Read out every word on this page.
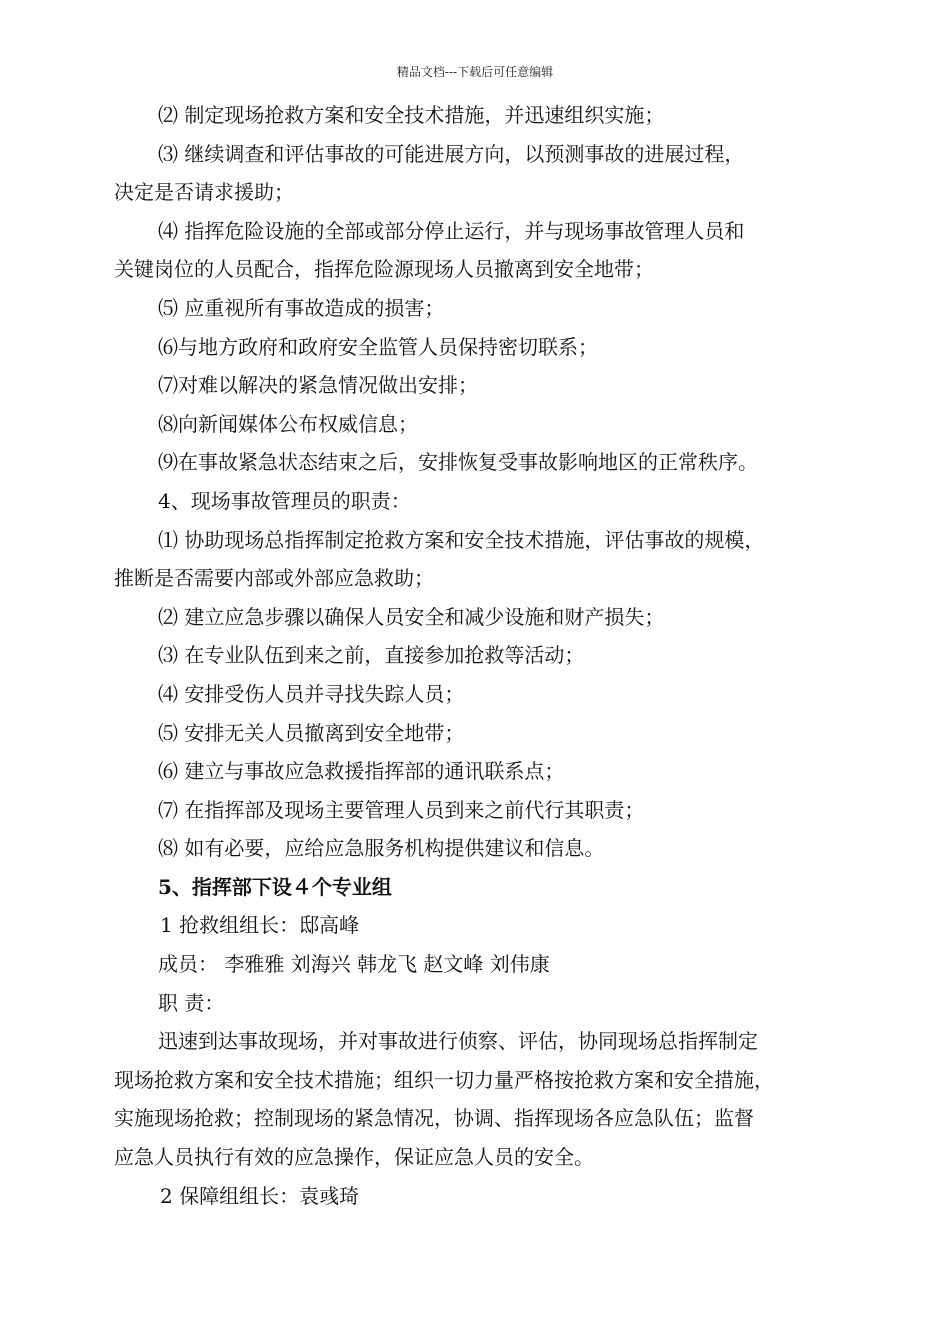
精品文档---下载后可任意编辑
⑵ 制定现场抢救方案和安全技术措施，并迅速组织实施；
⑶ 继续调查和评估事故的可能进展方向，以预测事故的进展过程，
决定是否请求援助；
⑷ 指挥危险设施的全部或部分停止运行，并与现场事故管理人员和
关键岗位的人员配合，指挥危险源现场人员撤离到安全地带；
⑸ 应重视所有事故造成的损害；
⑹与地方政府和政府安全监管人员保持密切联系；
⑺对难以解决的紧急情况做出安排；
⑻向新闻媒体公布权威信息；
⑼在事故紧急状态结束之后，安排恢复受事故影响地区的正常秩序。
4、现场事故管理员的职责：
⑴ 协助现场总指挥制定抢救方案和安全技术措施，评估事故的规模，
推断是否需要内部或外部应急救助；
⑵ 建立应急步骤以确保人员安全和减少设施和财产损失；
⑶ 在专业队伍到来之前，直接参加抢救等活动；
⑷ 安排受伤人员并寻找失踪人员；
⑸ 安排无关人员撤离到安全地带；
⑹ 建立与事故应急救援指挥部的通讯联系点；
⑺ 在指挥部及现场主要管理人员到来之前代行其职责；
⑻ 如有必要，应给应急服务机构提供建议和信息。
5、指挥部下设４个专业组
1 抢救组组长：邸高峰
成员： 李雅雅 刘海兴 韩龙飞 赵文峰 刘伟康
职 责：
迅速到达事故现场，并对事故进行侦察、评估，协同现场总指挥制定
现场抢救方案和安全技术措施；组织一切力量严格按抢救方案和安全措施，
实施现场抢救；控制现场的紧急情况，协调、指挥现场各应急队伍；监督
应急人员执行有效的应急操作，保证应急人员的安全。
2 保障组组长：袁彧琦
